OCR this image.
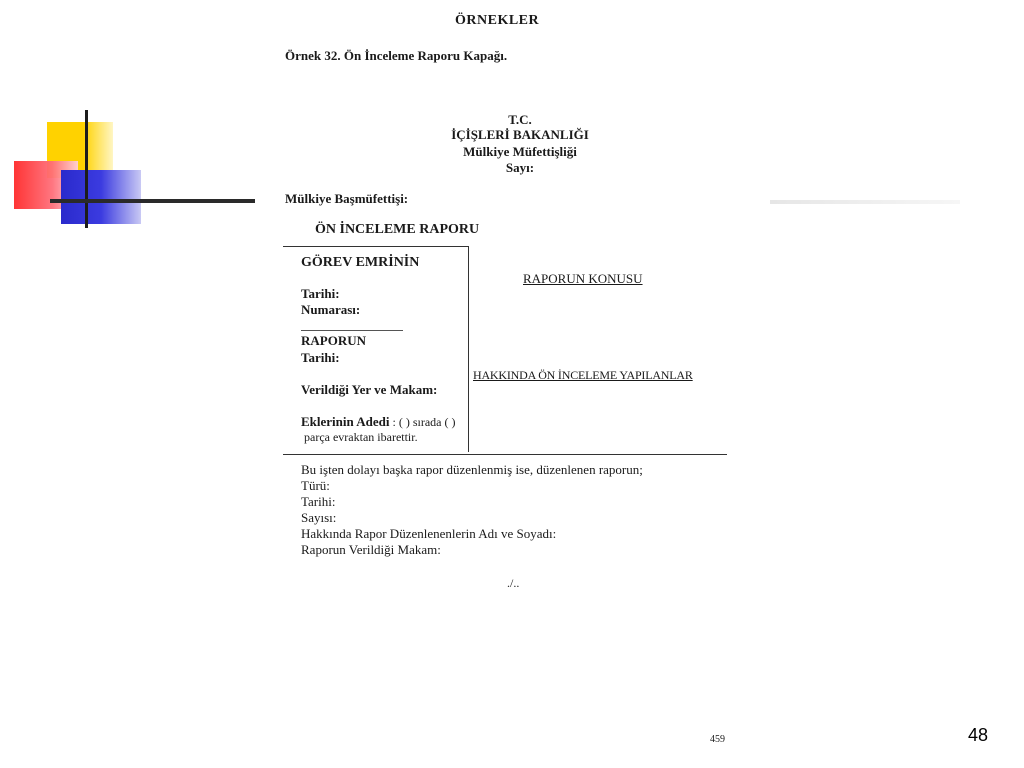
ÖRNEKLER
Örnek 32. Ön İnceleme Raporu Kapağı.
T.C.
İÇİŞLERİ BAKANLIĞI
Mülkiye Müfettişliği
Sayı:
Mülkiye Başmüfettişi:
ÖN İNCELEME RAPORU
GÖREV EMRİNİN
Tarihi:
Numarası:
RAPORUN
Tarihi:
Verildiği Yer ve Makam:
Eklerinin Adedi : ( ) sırada ( )
parça evraktan ibarettir.
RAPORUN KONUSU
HAKKINDA ÖN İNCELEME YAPILANLAR
Bu işten dolayı başka rapor düzenlenmiş ise, düzenlenen raporun;
Türü:
Tarihi:
Sayısı:
Hakkında Rapor Düzenlenenlerin Adı ve Soyadı:
Raporun Verildiği Makam:
./..
459	48
